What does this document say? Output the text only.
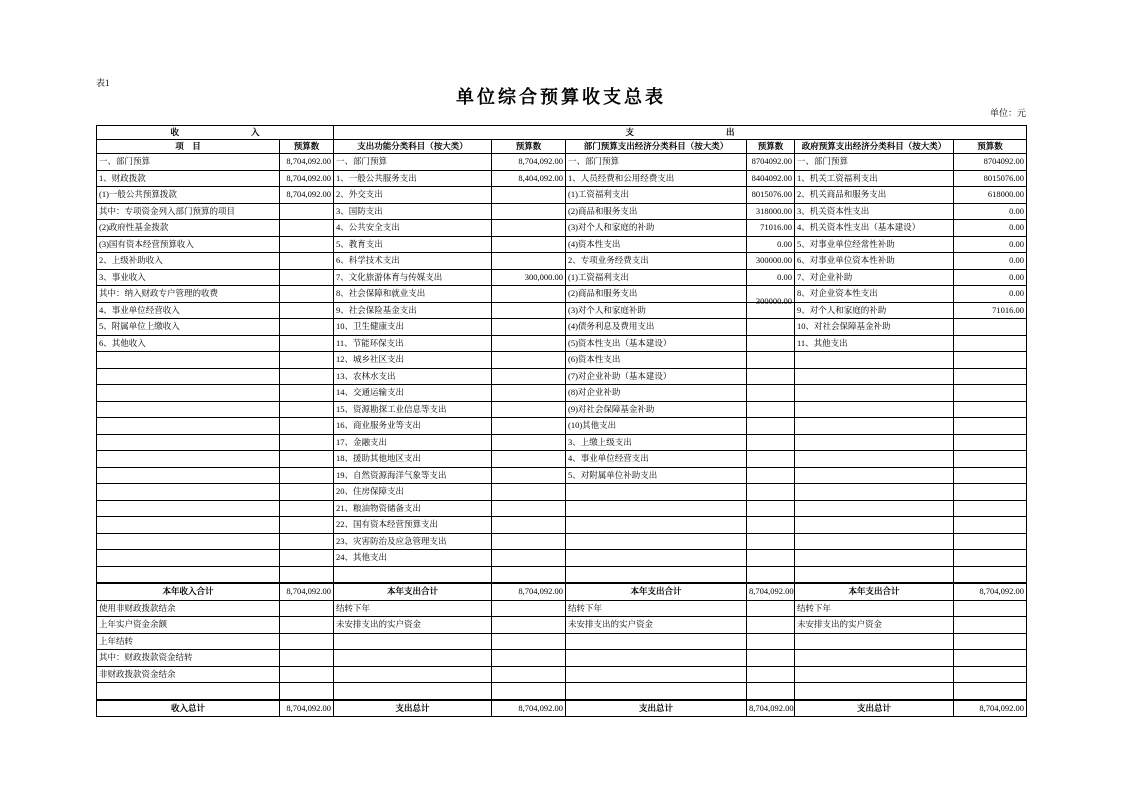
表1
单位综合预算收支总表
单位：元
收 入		支 出					

项　目	预算数	支出功能分类科目（按大类）	预算数	部门预算支出经济分类科目（按大类）	预算数	政府预算支出经济分类科目（按大类）	预算数
一、部门预算	8,704,092.00	一、部门预算	8,704,092.00	一、部门预算	8704092.00	一、部门预算	8704092.00
1、财政拨款	8,704,092.00	1、一般公共服务支出	8,404,092.00	1、人员经费和公用经费支出	8404092.00	1、机关工资福利支出	8015076.00
(1)一般公共预算拨款	8,704,092.00	2、外交支出		(1)工资福利支出	8015076.00	2、机关商品和服务支出	618000.00
其中：专项资金列入部门预算的项目		3、国防支出		(2)商品和服务支出	318000.00	3、机关资本性支出	0.00
(2)政府性基金拨款		4、公共安全支出		(3)对个人和家庭的补助	71016.00	4、机关资本性支出（基本建设）	0.00
(3)国有资本经营预算收入		5、教育支出		(4)资本性支出	0.00	5、对事业单位经常性补助	0.00
2、上级补助收入		6、科学技术支出		2、专项业务经费支出	300000.00	6、对事业单位资本性补助	0.00
3、事业收入		7、文化旅游体育与传媒支出	300,000.00	(1)工资福利支出	0.00	7、对企业补助	0.00
其中：纳入财政专户管理的收费		8、社会保障和就业支出		(2)商品和服务支出	300000.00	8、对企业资本性支出	0.00
4、事业单位经营收入		9、社会保险基金支出		(3)对个人和家庭补助		9、对个人和家庭的补助	71016.00
5、附属单位上缴收入		10、卫生健康支出		(4)债务利息及费用支出		10、对社会保障基金补助	
6、其他收入		11、节能环保支出		(5)资本性支出（基本建设）		11、其他支出	
		12、城乡社区支出		(6)资本性支出			
		13、农林水支出		(7)对企业补助（基本建设）			
		14、交通运输支出		(8)对企业补助			
		15、资源勘探工业信息等支出		(9)对社会保障基金补助			
		16、商业服务业等支出		(10)其他支出			
		17、金融支出		3、上缴上级支出			
		18、援助其他地区支出		4、事业单位经营支出			
		19、自然资源海洋气象等支出		5、对附属单位补助支出			
		20、住房保障支出					
		21、粮油物资储备支出					
		22、国有资本经营预算支出					
		23、灾害防治及应急管理支出					
		24、其他支出					

本年收入合计	8,704,092.00	本年支出合计	8,704,092.00	本年支出合计	8,704,092.00	本年支出合计	8,704,092.00
使用非财政拨款结余		结转下年		结转下年		结转下年	
上年实户资金余额		未安排支出的实户资金		未安排支出的实户资金		未安排支出的实户资金	
上年结转							
其中：财政拨款资金结转							
非财政拨款资金结余							

收入总计	8,704,092.00	支出总计	8,704,092.00	支出总计	8,704,092.00	支出总计	8,704,092.00
